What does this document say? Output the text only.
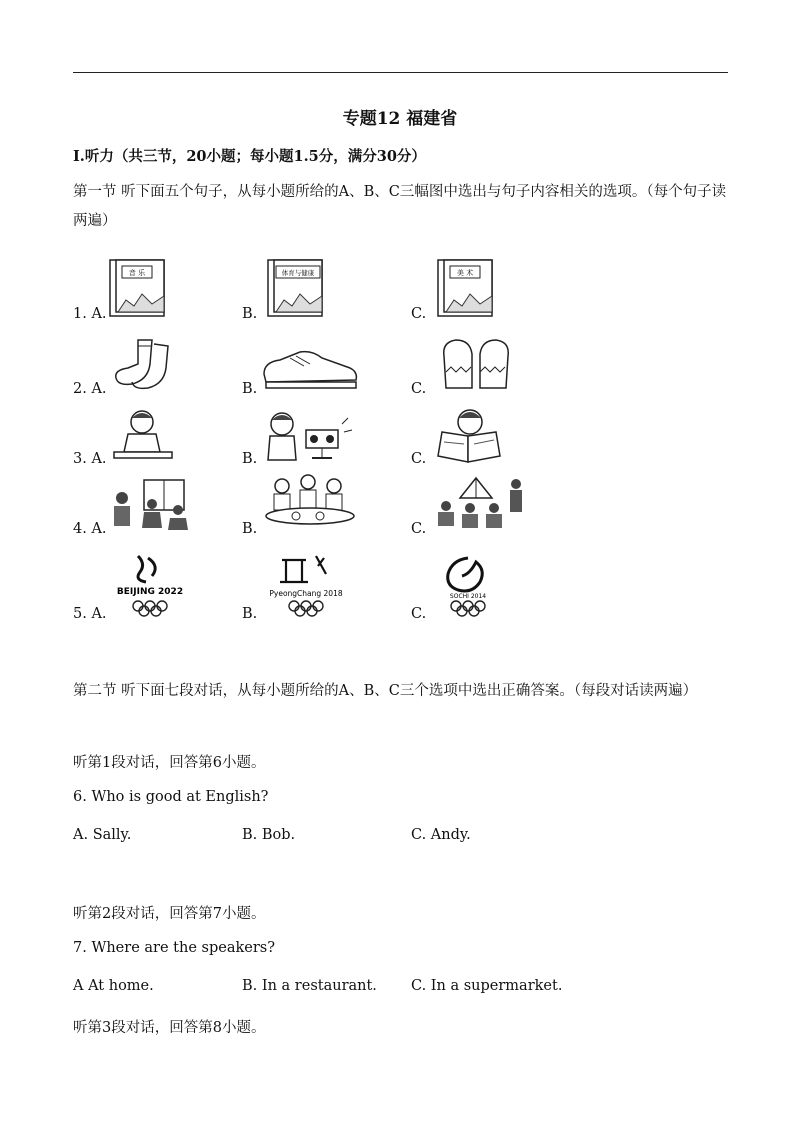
专题12 福建省
I.听力（共三节，20小题；每小题1.5分，满分30分）
第一节 听下面五个句子，从每小题所给的A、B、C三幅图中选出与句子内容相关的选项。（每个句子读两遍）
1. A.	B.	C.
音 乐	体育与健康	美 术
2. A.	B.	C.
3. A.	B.	C.
4. A.	B.	C.
5. A.	B.	C.
BEIJING 2022	PyeongChang 2018	SOCHI 2014
第二节 听下面七段对话，从每小题所给的A、B、C三个选项中选出正确答案。（每段对话读两遍）
听第1段对话，回答第6小题。
6. Who is good at English?
A. Sally.	B. Bob.	C. Andy.
听第2段对话，回答第7小题。
7. Where are the speakers?
A At home.	B. In a restaurant. C. In a supermarket.
听第3段对话，回答第8小题。
